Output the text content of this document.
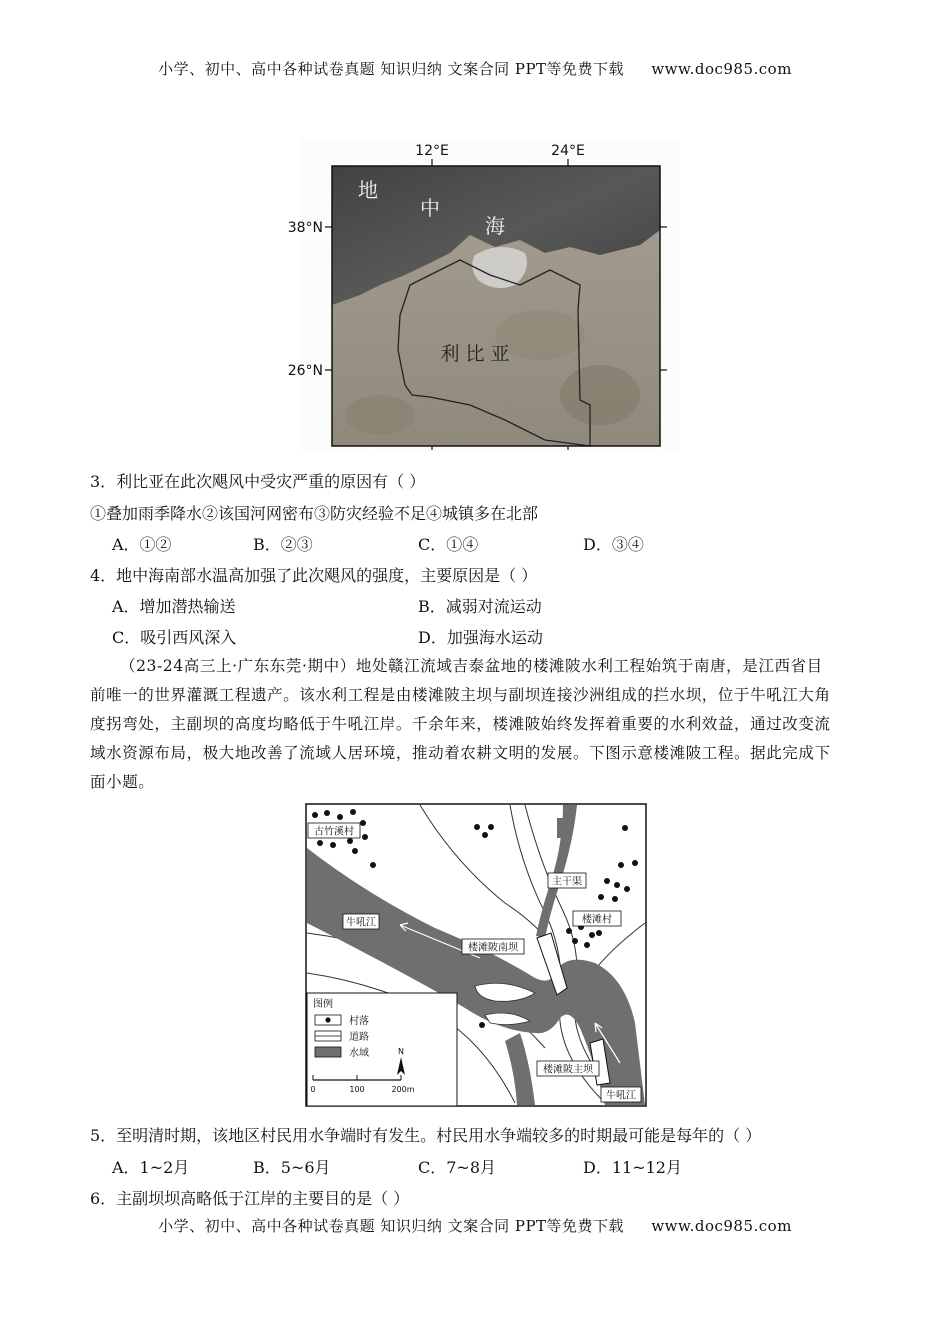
小学、初中、高中各种试卷真题 知识归纳 文案合同 PPT等免费下载 www.doc985.com
12°E	24°E
38°N
26°N
地
中
海
利 比 亚
3．利比亚在此次飓风中受灾严重的原因有（ ）
①叠加雨季降水②该国河网密布③防灾经验不足④城镇多在北部
A．①②	B．②③	C．①④	D．③④
4．地中海南部水温高加强了此次飓风的强度，主要原因是（ ）
A．增加潜热输送	B．减弱对流运动
C．吸引西风深入	D．加强海水运动
（23-24高三上·广东东莞·期中）地处赣江流域吉泰盆地的楼滩陂水利工程始筑于南唐，是江西省目
前唯一的世界灌溉工程遗产。该水利工程是由楼滩陂主坝与副坝连接沙洲组成的拦水坝，位于牛吼江大角
度拐弯处，主副坝的高度均略低于牛吼江岸。千余年来，楼滩陂始终发挥着重要的水利效益，通过改变流
域水资源布局，极大地改善了流域人居环境，推动着农耕文明的发展。下图示意楼滩陂工程。据此完成下
面小题。
古竹溪村
牛吼江
主干渠
楼滩村
楼滩陂南坝
楼滩陂主坝
牛吼江
图例
村落
道路
水域	N
0	100	200m
5．至明清时期，该地区村民用水争端时有发生。村民用水争端较多的时期最可能是每年的（ ）
A．1~2月	B．5~6月	C．7~8月	D．11~12月
6．主副坝坝高略低于江岸的主要目的是（ ）
小学、初中、高中各种试卷真题 知识归纳 文案合同 PPT等免费下载 www.doc985.com
